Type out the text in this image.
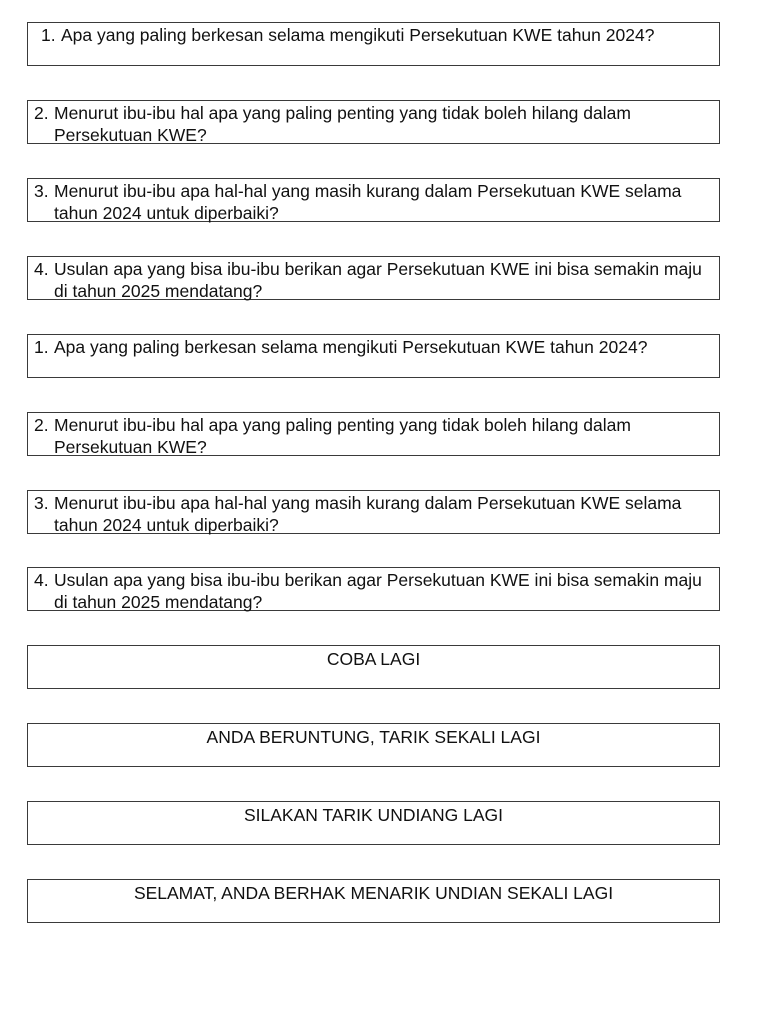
1. Apa yang paling berkesan selama mengikuti Persekutuan KWE tahun 2024?
2. Menurut ibu-ibu hal apa yang paling penting yang tidak boleh hilang dalam Persekutuan KWE?
3. Menurut ibu-ibu apa hal-hal yang masih kurang dalam Persekutuan KWE selama tahun 2024 untuk diperbaiki?
4. Usulan apa yang bisa ibu-ibu berikan agar Persekutuan KWE ini bisa semakin maju di tahun 2025 mendatang?
1. Apa yang paling berkesan selama mengikuti Persekutuan KWE tahun 2024?
2. Menurut ibu-ibu hal apa yang paling penting yang tidak boleh hilang dalam Persekutuan KWE?
3. Menurut ibu-ibu apa hal-hal yang masih kurang dalam Persekutuan KWE selama tahun 2024 untuk diperbaiki?
4. Usulan apa yang bisa ibu-ibu berikan agar Persekutuan KWE ini bisa semakin maju di tahun 2025 mendatang?
COBA LAGI
ANDA BERUNTUNG, TARIK SEKALI LAGI
SILAKAN TARIK UNDIANG LAGI
SELAMAT, ANDA BERHAK MENARIK UNDIAN SEKALI LAGI
